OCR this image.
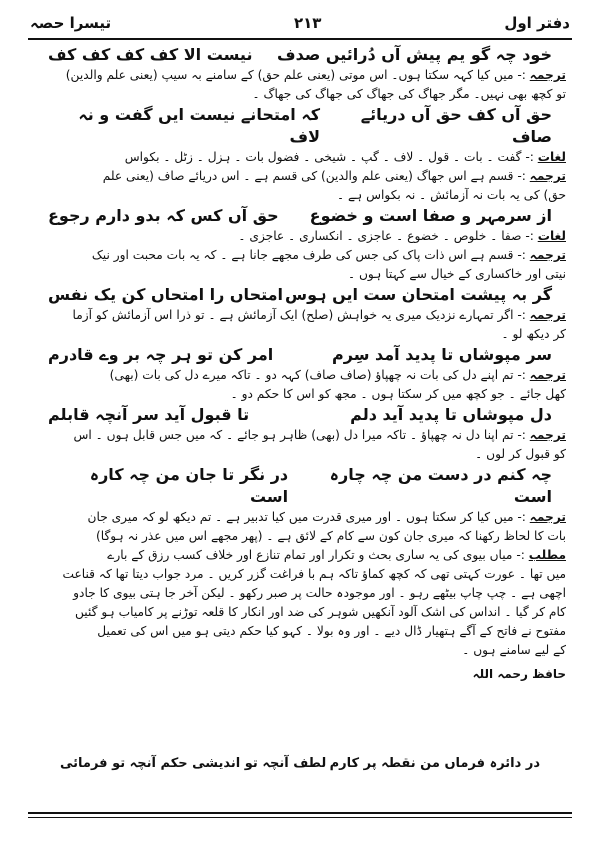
دفتر اول
۲۱۳
تیسرا حصہ
خود چہ گو یم پیش آں دُرائیں صدف
نیست الا کف کف کف کف
ترجمہ :- میں کیا کہہ سکتا ہوں۔ اس موتی (یعنی علم حق) کے سامنے بہ سیپ (یعنی علم والدین)
تو کچھ بھی نہیں۔ مگر جھاگ کی جھاگ کی جھاگ کی جھاگ ۔
حق آں کف حق آں دریائے صاف
کہ امتحانے نیست ایں گفت و نہ لاف
لغات :- گفت ۔ بات ۔ قول ۔ لاف ۔ گپ ۔ شیخی ۔ فضول بات ۔ ہزل ۔ زٹل ۔ بکواس
ترجمہ :- قسم ہے اس جھاگ (یعنی علم والدین) کی قسم ہے ۔ اس دریائے صاف (یعنی علم
حق) کی یہ بات نہ آزمائش ۔ نہ بکواس ہے ۔
از سرمہر و صفا است و خضوع
حق آں کس کہ بدو دارم رجوع
لغات :- صفا ۔ خلوص ۔ خضوع ۔ عاجزی ۔ انکساری ۔ عاجزی ۔
ترجمہ :- قسم ہے اس ذات پاک کی جس کی طرف مجھے جانا ہے ۔ کہ یہ بات محبت اور نیک
نیتی اور خاکساری کے خیال سے کہتا ہوں ۔
گر بہ پیشت امتحان ست ایں ہوس
امتحاں را امتحاں کن یک نفس
ترجمہ :- اگر تمہارے نزدیک میری یہ خواہش (صلح) ایک آزمائش ہے ۔ تو ذرا اس آزمائش کو آزما
کر دیکھ لو ۔
سر مپوشاں تا پدید آمد سِرم
امر کن تو ہر چہ بر وے قادرم
ترجمہ :- تم اپنے دل کی بات نہ چھپاؤ (صاف صاف) کہہ دو ۔ تاکہ میرے دل کی بات (بھی)
کھل جائے ۔ جو کچھ میں کر سکتا ہوں ۔ مجھ کو اس کا حکم دو ۔
دل مپوشاں تا پدید آید دلم
تا قبول آید سر آنچہ قابلم
ترجمہ :- تم اپنا دل نہ چھپاؤ ۔ تاکہ میرا دل (بھی) ظاہر ہو جائے ۔ کہ میں جس قابل ہوں ۔ اس
کو قبول کر لوں ۔
چہ کنم در دست من چہ چارہ است
در نگر تا جان من چہ کارہ است
ترجمہ :- میں کیا کر سکتا ہوں ۔ اور میری قدرت میں کیا تدبیر ہے ۔ تم دیکھ لو کہ میری جان
بات کا لحاظ رکھنا کہ میری جان کون سے کام کے لائق ہے ۔ (پھر مجھے اس میں عذر نہ ہوگا)
مطلب :- میاں بیوی کی یہ ساری بحث و تکرار اور تمام تنازع اور خلاف کسب رزق کے بارے
میں تھا ۔ عورت کہتی تھی کہ کچھ کماؤ تاکہ ہم با فراغت گزر کریں ۔ مرد جواب دیتا تھا کہ قناعت
اچھی ہے ۔ چپ چاپ بیٹھے رہو ۔ اور موجودہ حالت پر صبر رکھو ۔ لیکن آخر جا ہتی بیوی کا جادو
کام کر گیا ۔ انداس کی اشک آلود آنکھیں شوہر کی ضد اور انکار کا قلعہ توڑنے پر کامیاب ہو گئیں
مفتوح نے فاتح کے آگے ہتھیار ڈال دیے ۔ اور وہ بولا ۔ کہو کیا حکم دیتی ہو میں اس کی تعمیل
کے لیے سامنے ہوں ۔
حافظ رحمہ اللہ
در دائرہ فرماں من نقطہ پر کارم
لطف آنچہ تو اندیشی حکم آنچہ تو فرمائی
